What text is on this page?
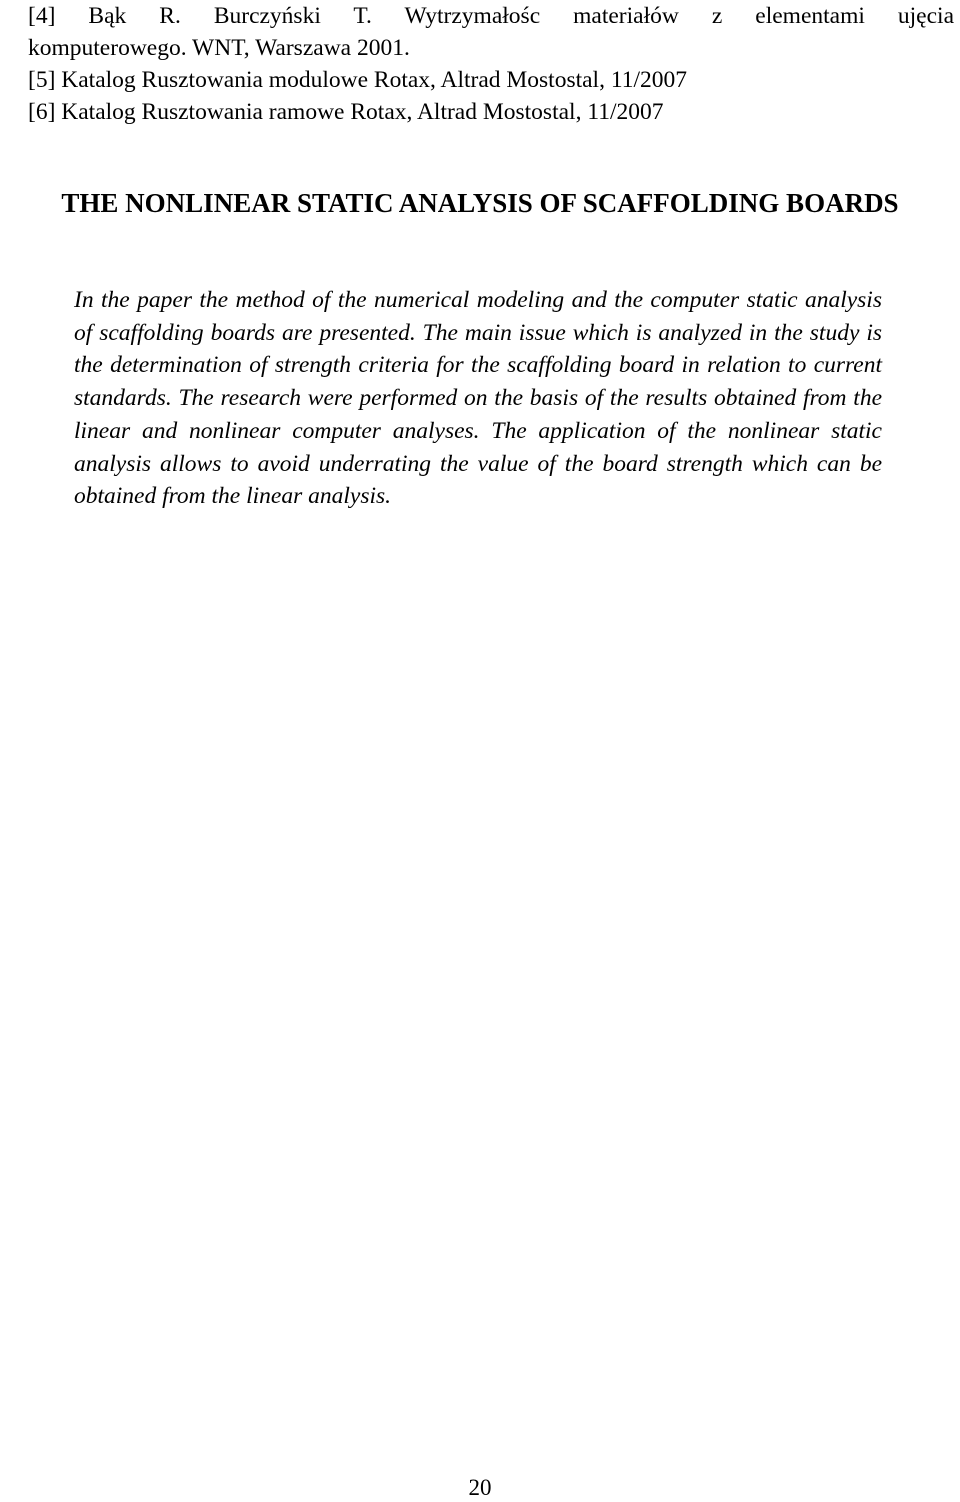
[4] Bąk R. Burczyński T. Wytrzymałośc materiałów z elementami ujęcia

komputerowego. WNT, Warszawa 2001.

[5] Katalog Rusztowania modulowe Rotax, Altrad Mostostal, 11/2007

[6] Katalog Rusztowania ramowe Rotax, Altrad Mostostal, 11/2007

THE NONLINEAR STATIC ANALYSIS OF SCAFFOLDING BOARDS

In the paper the method of the numerical modeling and the computer static analysis of scaffolding boards are presented. The main issue which is analyzed in the study is the determination of strength criteria for the scaffolding board in relation to current standards. The research were performed on the basis of the results obtained from the linear and nonlinear computer analyses. The application of the nonlinear static analysis allows to avoid underrating the value of the board strength which can be obtained from the linear analysis.

20
